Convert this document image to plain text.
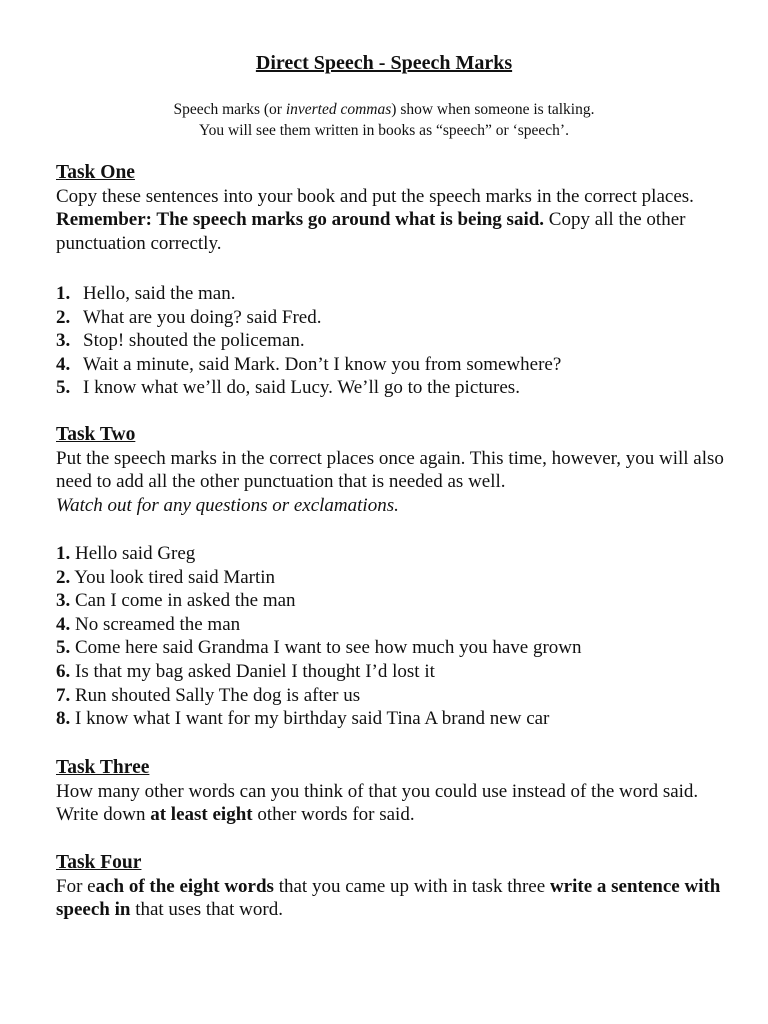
Direct Speech - Speech Marks
Speech marks (or inverted commas) show when someone is talking.
You will see them written in books as “speech” or ‘speech’.
Task One

Copy these sentences into your book and put the speech marks in the correct places. Remember: The speech marks go around what is being said. Copy all the other punctuation correctly.

1. Hello, said the man.
2. What are you doing? said Fred.
3. Stop! shouted the policeman.
4. Wait a minute, said Mark. Don’t I know you from somewhere?
5. I know what we’ll do, said Lucy. We’ll go to the pictures.
Task Two

Put the speech marks in the correct places once again. This time, however, you will also need to add all the other punctuation that is needed as well.
Watch out for any questions or exclamations.

1. Hello said Greg
2. You look tired said Martin
3. Can I come in asked the man
4. No screamed the man
5. Come here said Grandma I want to see how much you have grown
6. Is that my bag asked Daniel I thought I’d lost it
7. Run shouted Sally The dog is after us
8. I know what I want for my birthday said Tina A brand new car
Task Three

How many other words can you think of that you could use instead of the word said. Write down at least eight other words for said.

Task Four

For each of the eight words that you came up with in task three write a sentence with speech in that uses that word.
